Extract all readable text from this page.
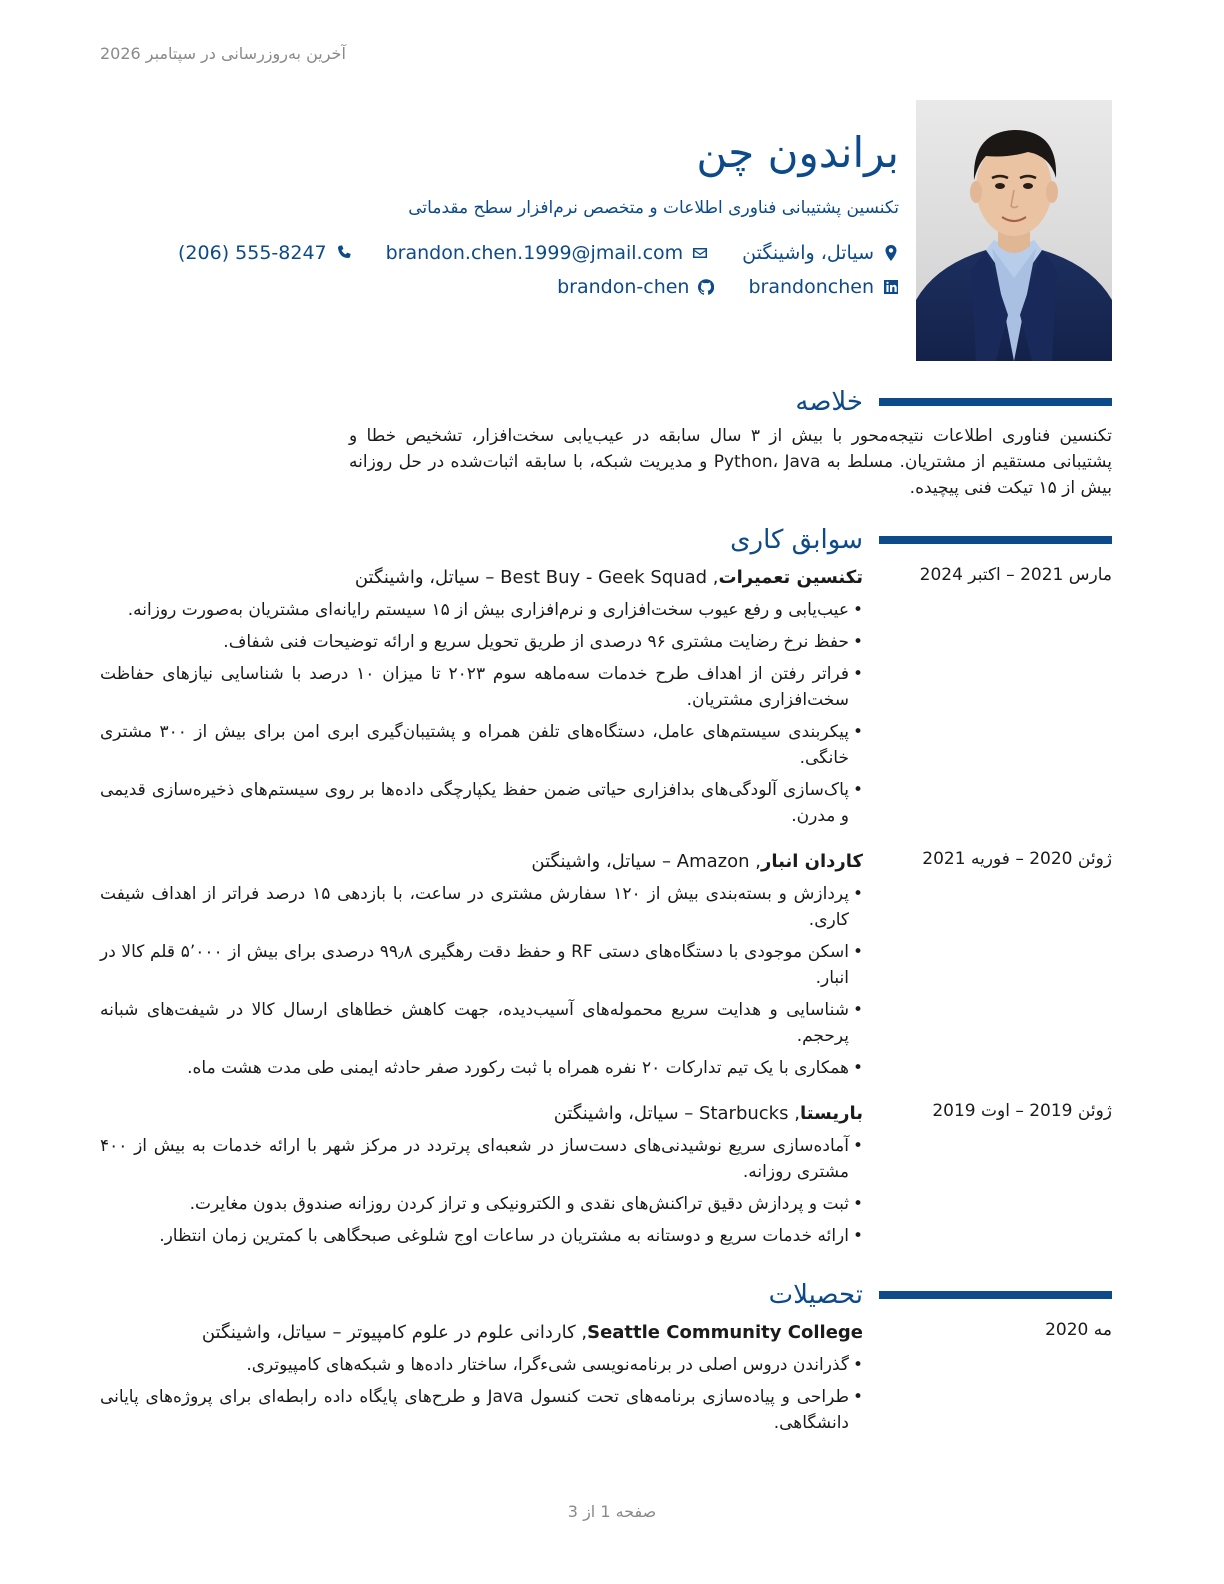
آخرین به‌روزرسانی در سپتامبر 2026
براندون چن
تکنسین پشتیبانی فناوری اطلاعات و متخصص نرم‌افزار سطح مقدماتی
سیاتل، واشینگتن
brandon.chen.1999@jmail.com
(206) 555-8247
brandonchen
brandon-chen
خلاصه
تکنسین فناوری اطلاعات نتیجه‌محور با بیش از ۳ سال سابقه در عیب‌یابی سخت‌افزار، تشخیص خطا و پشتیبانی مستقیم از مشتریان. مسلط به Python، Java و مدیریت شبکه، با سابقه اثبات‌شده در حل روزانه بیش از ۱۵ تیکت فنی پیچیده.
سوابق کاری
مارس 2021 – اکتبر 2024
تکنسین تعمیرات, Best Buy - Geek Squad – سیاتل، واشینگتن
• عیب‌یابی و رفع عیوب سخت‌افزاری و نرم‌افزاری بیش از ۱۵ سیستم رایانه‌ای مشتریان به‌صورت روزانه.
• حفظ نرخ رضایت مشتری ۹۶ درصدی از طریق تحویل سریع و ارائه توضیحات فنی شفاف.
• فراتر رفتن از اهداف طرح خدمات سه‌ماهه سوم ۲۰۲۳ تا میزان ۱۰ درصد با شناسایی نیازهای حفاظت سخت‌افزاری مشتریان.
• پیکربندی سیستم‌های عامل، دستگاه‌های تلفن همراه و پشتیبان‌گیری ابری امن برای بیش از ۳۰۰ مشتری خانگی.
• پاک‌سازی آلودگی‌های بدافزاری حیاتی ضمن حفظ یکپارچگی داده‌ها بر روی سیستم‌های ذخیره‌سازی قدیمی و مدرن.
ژوئن 2020 – فوریه 2021
کاردان انبار, Amazon – سیاتل، واشینگتن
• پردازش و بسته‌بندی بیش از ۱۲۰ سفارش مشتری در ساعت، با بازدهی ۱۵ درصد فراتر از اهداف شیفت کاری.
• اسکن موجودی با دستگاه‌های دستی RF و حفظ دقت رهگیری ۹۹٫۸ درصدی برای بیش از ۵٬۰۰۰ قلم کالا در انبار.
• شناسایی و هدایت سریع محموله‌های آسیب‌دیده، جهت کاهش خطاهای ارسال کالا در شیفت‌های شبانه پرحجم.
• همکاری با یک تیم تدارکات ۲۰ نفره همراه با ثبت رکورد صفر حادثه ایمنی طی مدت هشت ماه.
ژوئن 2019 – اوت 2019
باریستا, Starbucks – سیاتل، واشینگتن
• آماده‌سازی سریع نوشیدنی‌های دست‌ساز در شعبه‌ای پرتردد در مرکز شهر با ارائه خدمات به بیش از ۴۰۰ مشتری روزانه.
• ثبت و پردازش دقیق تراکنش‌های نقدی و الکترونیکی و تراز کردن روزانه صندوق بدون مغایرت.
• ارائه خدمات سریع و دوستانه به مشتریان در ساعات اوج شلوغی صبحگاهی با کمترین زمان انتظار.
تحصیلات
مه 2020
Seattle Community College, کاردانی علوم در علوم کامپیوتر – سیاتل، واشینگتن
• گذراندن دروس اصلی در برنامه‌نویسی شیءگرا، ساختار داده‌ها و شبکه‌های کامپیوتری.
• طراحی و پیاده‌سازی برنامه‌های تحت کنسول Java و طرح‌های پایگاه داده رابطه‌ای برای پروژه‌های پایانی دانشگاهی.
صفحه 1 از 3
